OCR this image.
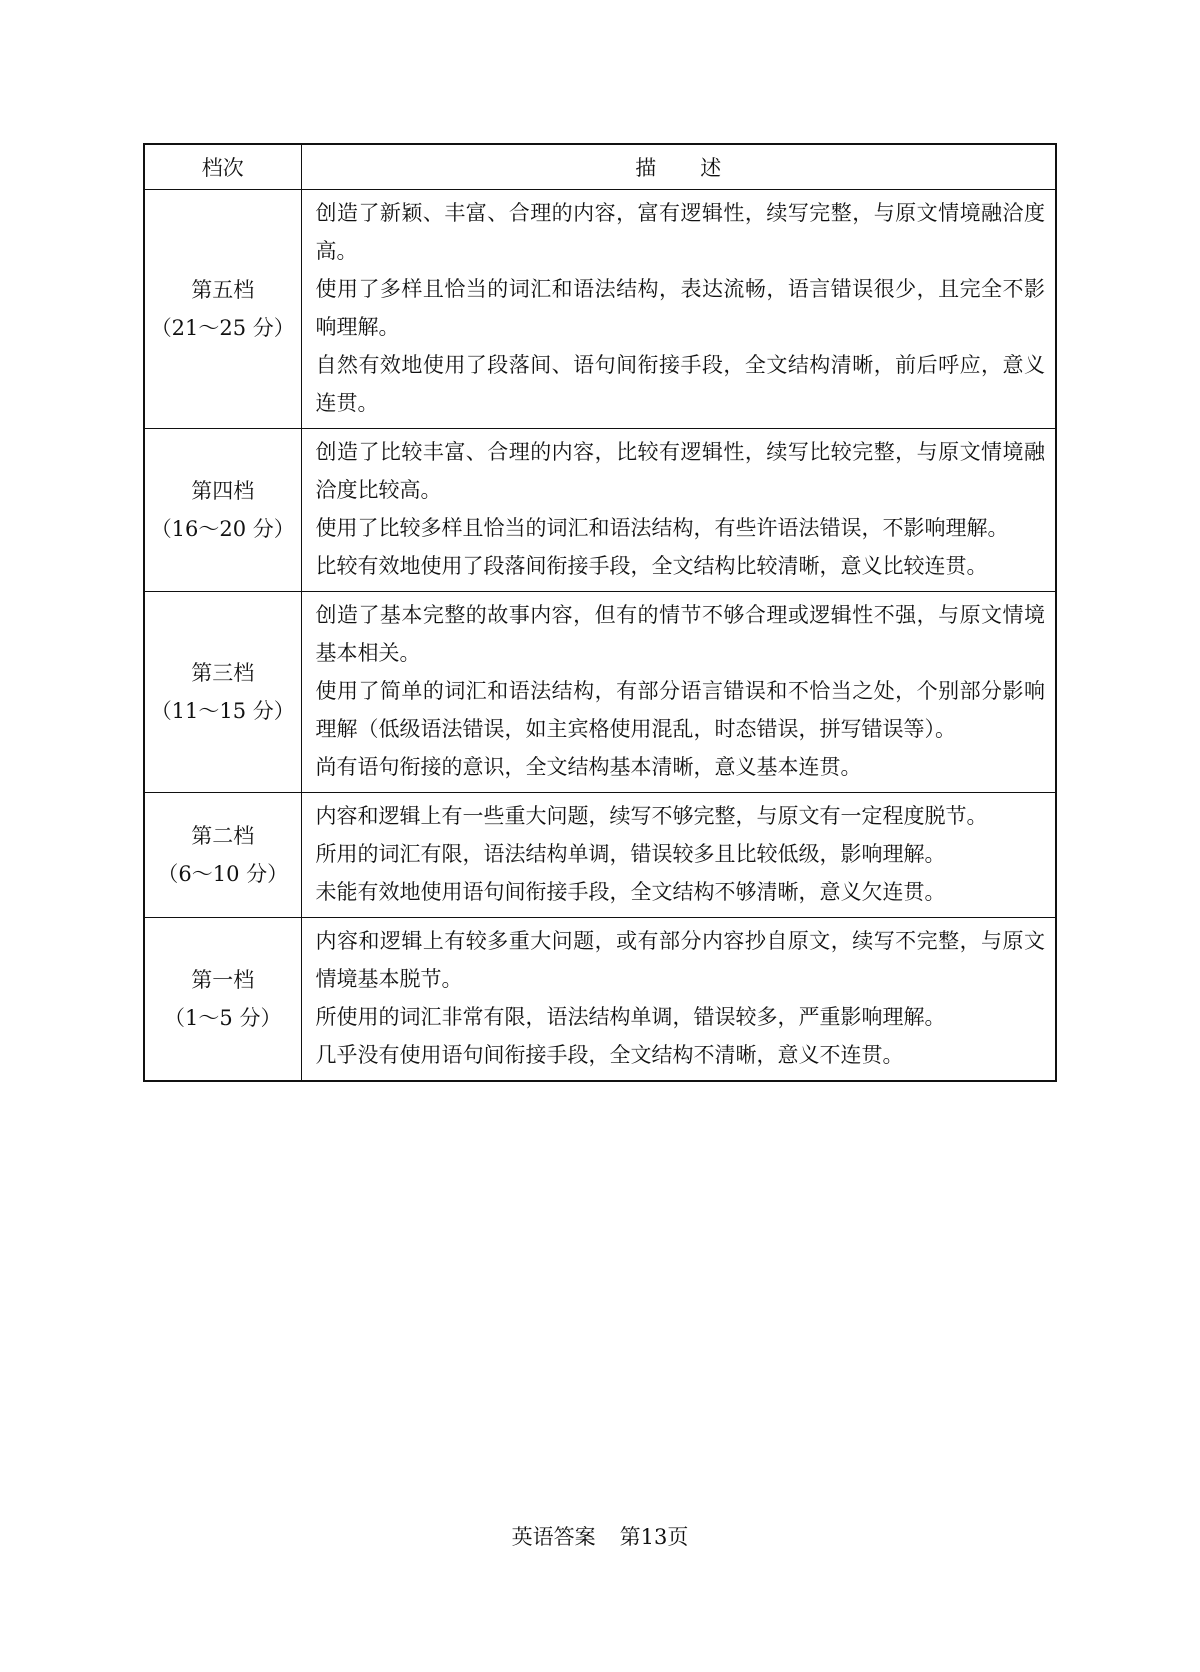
档次	描述

第五档
（21～25 分）	创造了新颖、丰富、合理的内容，富有逻辑性，续写完整，与原文情境融洽度高。
使用了多样且恰当的词汇和语法结构，表达流畅，语言错误很少，且完全不影响理解。
自然有效地使用了段落间、语句间衔接手段，全文结构清晰，前后呼应，意义连贯。

第四档
（16～20 分）	创造了比较丰富、合理的内容，比较有逻辑性，续写比较完整，与原文情境融洽度比较高。
使用了比较多样且恰当的词汇和语法结构，有些许语法错误，不影响理解。
比较有效地使用了段落间衔接手段，全文结构比较清晰，意义比较连贯。

第三档
（11～15 分）	创造了基本完整的故事内容，但有的情节不够合理或逻辑性不强，与原文情境基本相关。
使用了简单的词汇和语法结构，有部分语言错误和不恰当之处，个别部分影响理解（低级语法错误，如主宾格使用混乱，时态错误，拼写错误等）。
尚有语句衔接的意识，全文结构基本清晰，意义基本连贯。

第二档
（6～10 分）	内容和逻辑上有一些重大问题，续写不够完整，与原文有一定程度脱节。
所用的词汇有限，语法结构单调，错误较多且比较低级，影响理解。
未能有效地使用语句间衔接手段，全文结构不够清晰，意义欠连贯。

第一档
（1～5 分）	内容和逻辑上有较多重大问题，或有部分内容抄自原文，续写不完整，与原文情境基本脱节。
所使用的词汇非常有限，语法结构单调，错误较多，严重影响理解。
几乎没有使用语句间衔接手段，全文结构不清晰，意义不连贯。
英语答案 第13页
